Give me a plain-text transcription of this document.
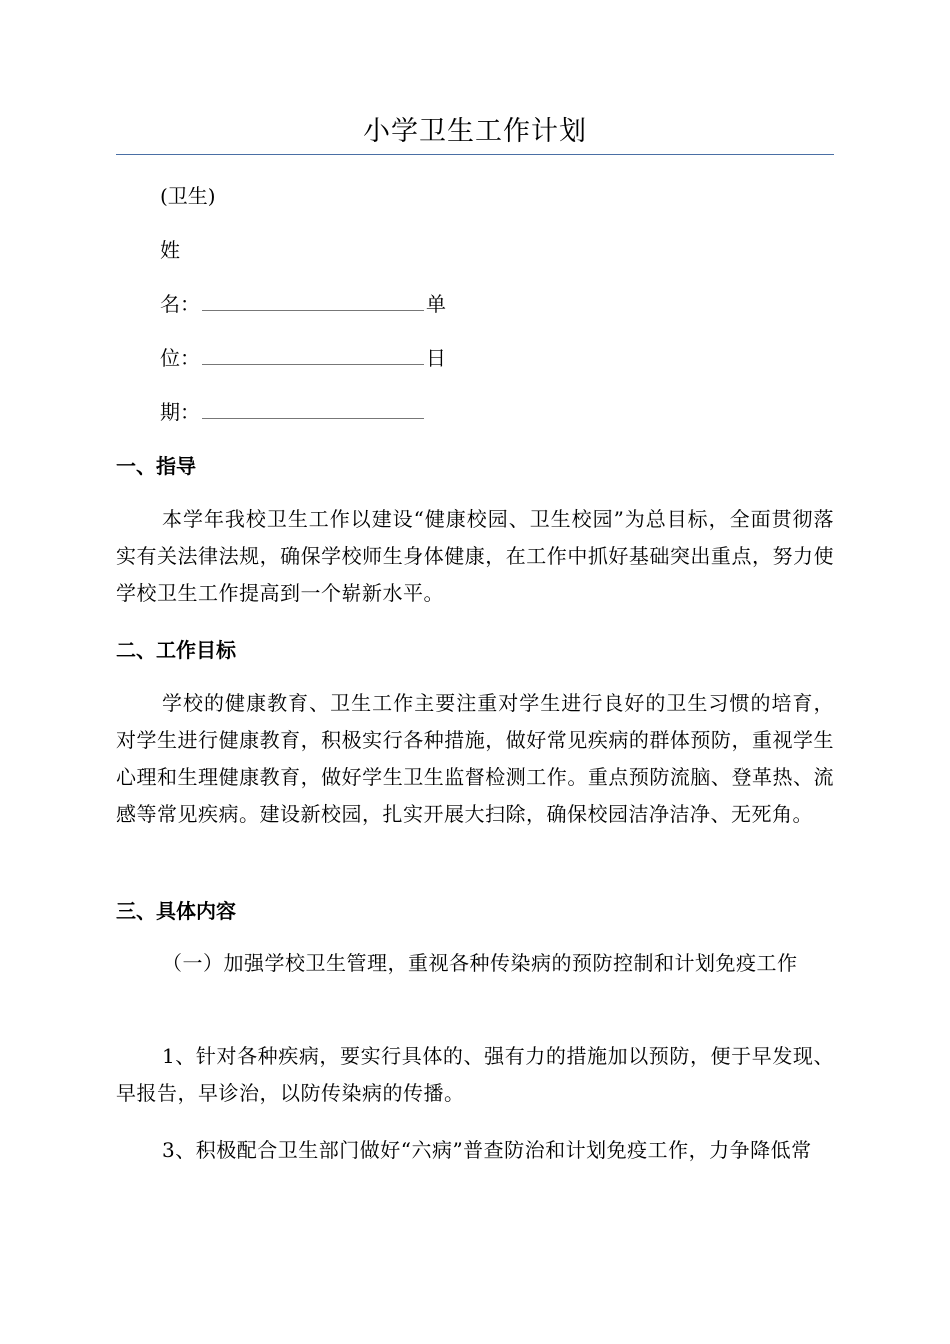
小学卫生工作计划
(卫生)
姓
名：	单
位：	日
期：
一、指导
本学年我校卫生工作以建设“健康校园、卫生校园”为总目标，全面贯彻落实有关法律法规，确保学校师生身体健康，在工作中抓好基础突出重点，努力使学校卫生工作提高到一个崭新水平。
二、工作目标
学校的健康教育、卫生工作主要注重对学生进行良好的卫生习惯的培育，对学生进行健康教育，积极实行各种措施，做好常见疾病的群体预防，重视学生心理和生理健康教育，做好学生卫生监督检测工作。重点预防流脑、登革热、流感等常见疾病。建设新校园，扎实开展大扫除，确保校园洁净洁净、无死角。
三、具体内容
（一）加强学校卫生管理，重视各种传染病的预防控制和计划免疫工作
1、针对各种疾病，要实行具体的、强有力的措施加以预防，便于早发现、早报告，早诊治，以防传染病的传播。
3、积极配合卫生部门做好“六病”普查防治和计划免疫工作，力争降低常
